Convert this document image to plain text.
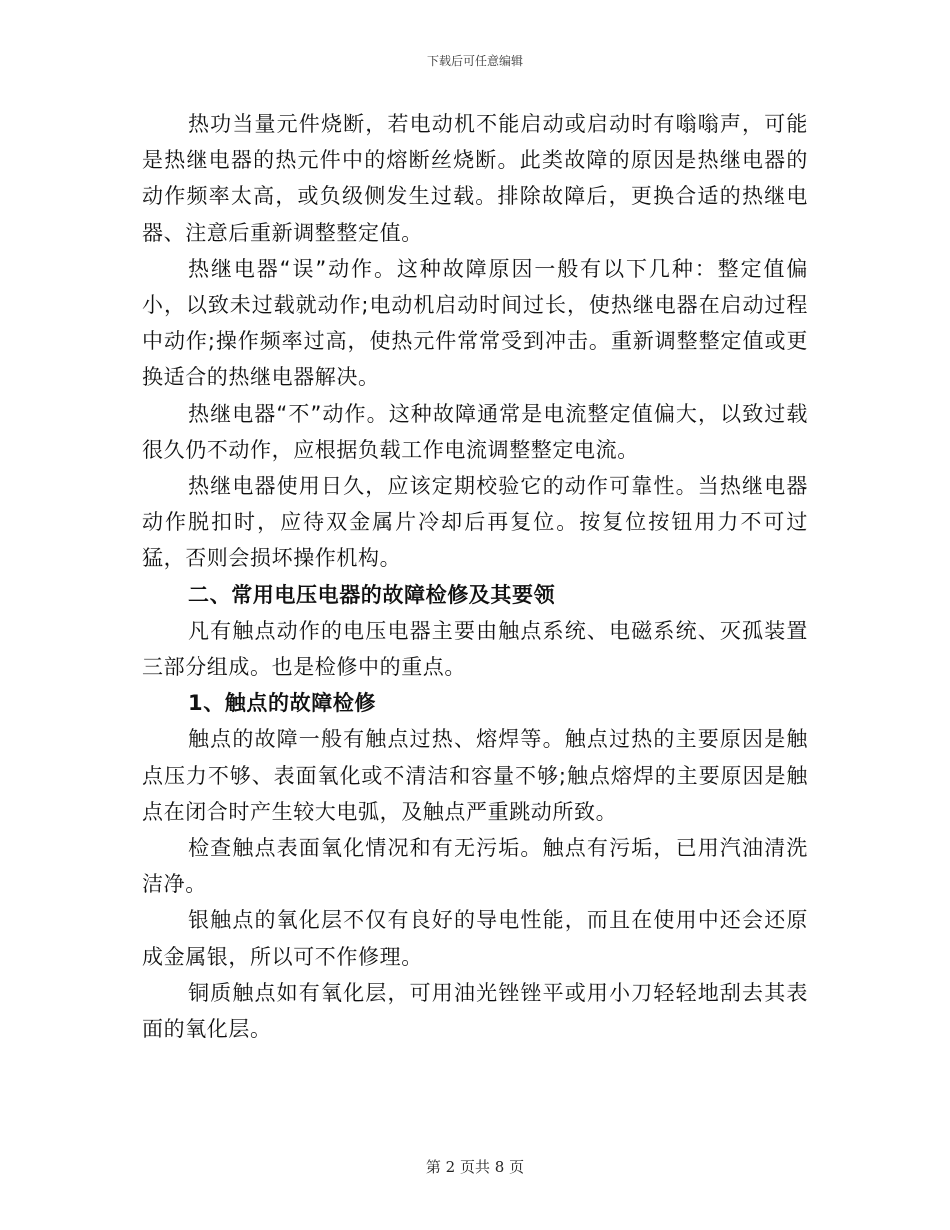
下载后可任意编辑

热功当量元件烧断，若电动机不能启动或启动时有嗡嗡声，可能是热继电器的热元件中的熔断丝烧断。此类故障的原因是热继电器的动作频率太高，或负级侧发生过载。排除故障后，更换合适的热继电器、注意后重新调整整定值。

热继电器“误”动作。这种故障原因一般有以下几种：整定值偏小，以致未过载就动作;电动机启动时间过长，使热继电器在启动过程中动作;操作频率过高，使热元件常常受到冲击。重新调整整定值或更换适合的热继电器解决。

热继电器“不”动作。这种故障通常是电流整定值偏大，以致过载很久仍不动作，应根据负载工作电流调整整定电流。

热继电器使用日久，应该定期校验它的动作可靠性。当热继电器动作脱扣时，应待双金属片冷却后再复位。按复位按钮用力不可过猛，否则会损坏操作机构。

二、常用电压电器的故障检修及其要领

凡有触点动作的电压电器主要由触点系统、电磁系统、灭孤装置三部分组成。也是检修中的重点。

1、触点的故障检修

触点的故障一般有触点过热、熔焊等。触点过热的主要原因是触点压力不够、表面氧化或不清洁和容量不够;触点熔焊的主要原因是触点在闭合时产生较大电弧，及触点严重跳动所致。

检查触点表面氧化情况和有无污垢。触点有污垢，已用汽油清洗洁净。

银触点的氧化层不仅有良好的导电性能，而且在使用中还会还原成金属银，所以可不作修理。

铜质触点如有氧化层，可用油光锉锉平或用小刀轻轻地刮去其表面的氧化层。

第 2 页共 8 页
